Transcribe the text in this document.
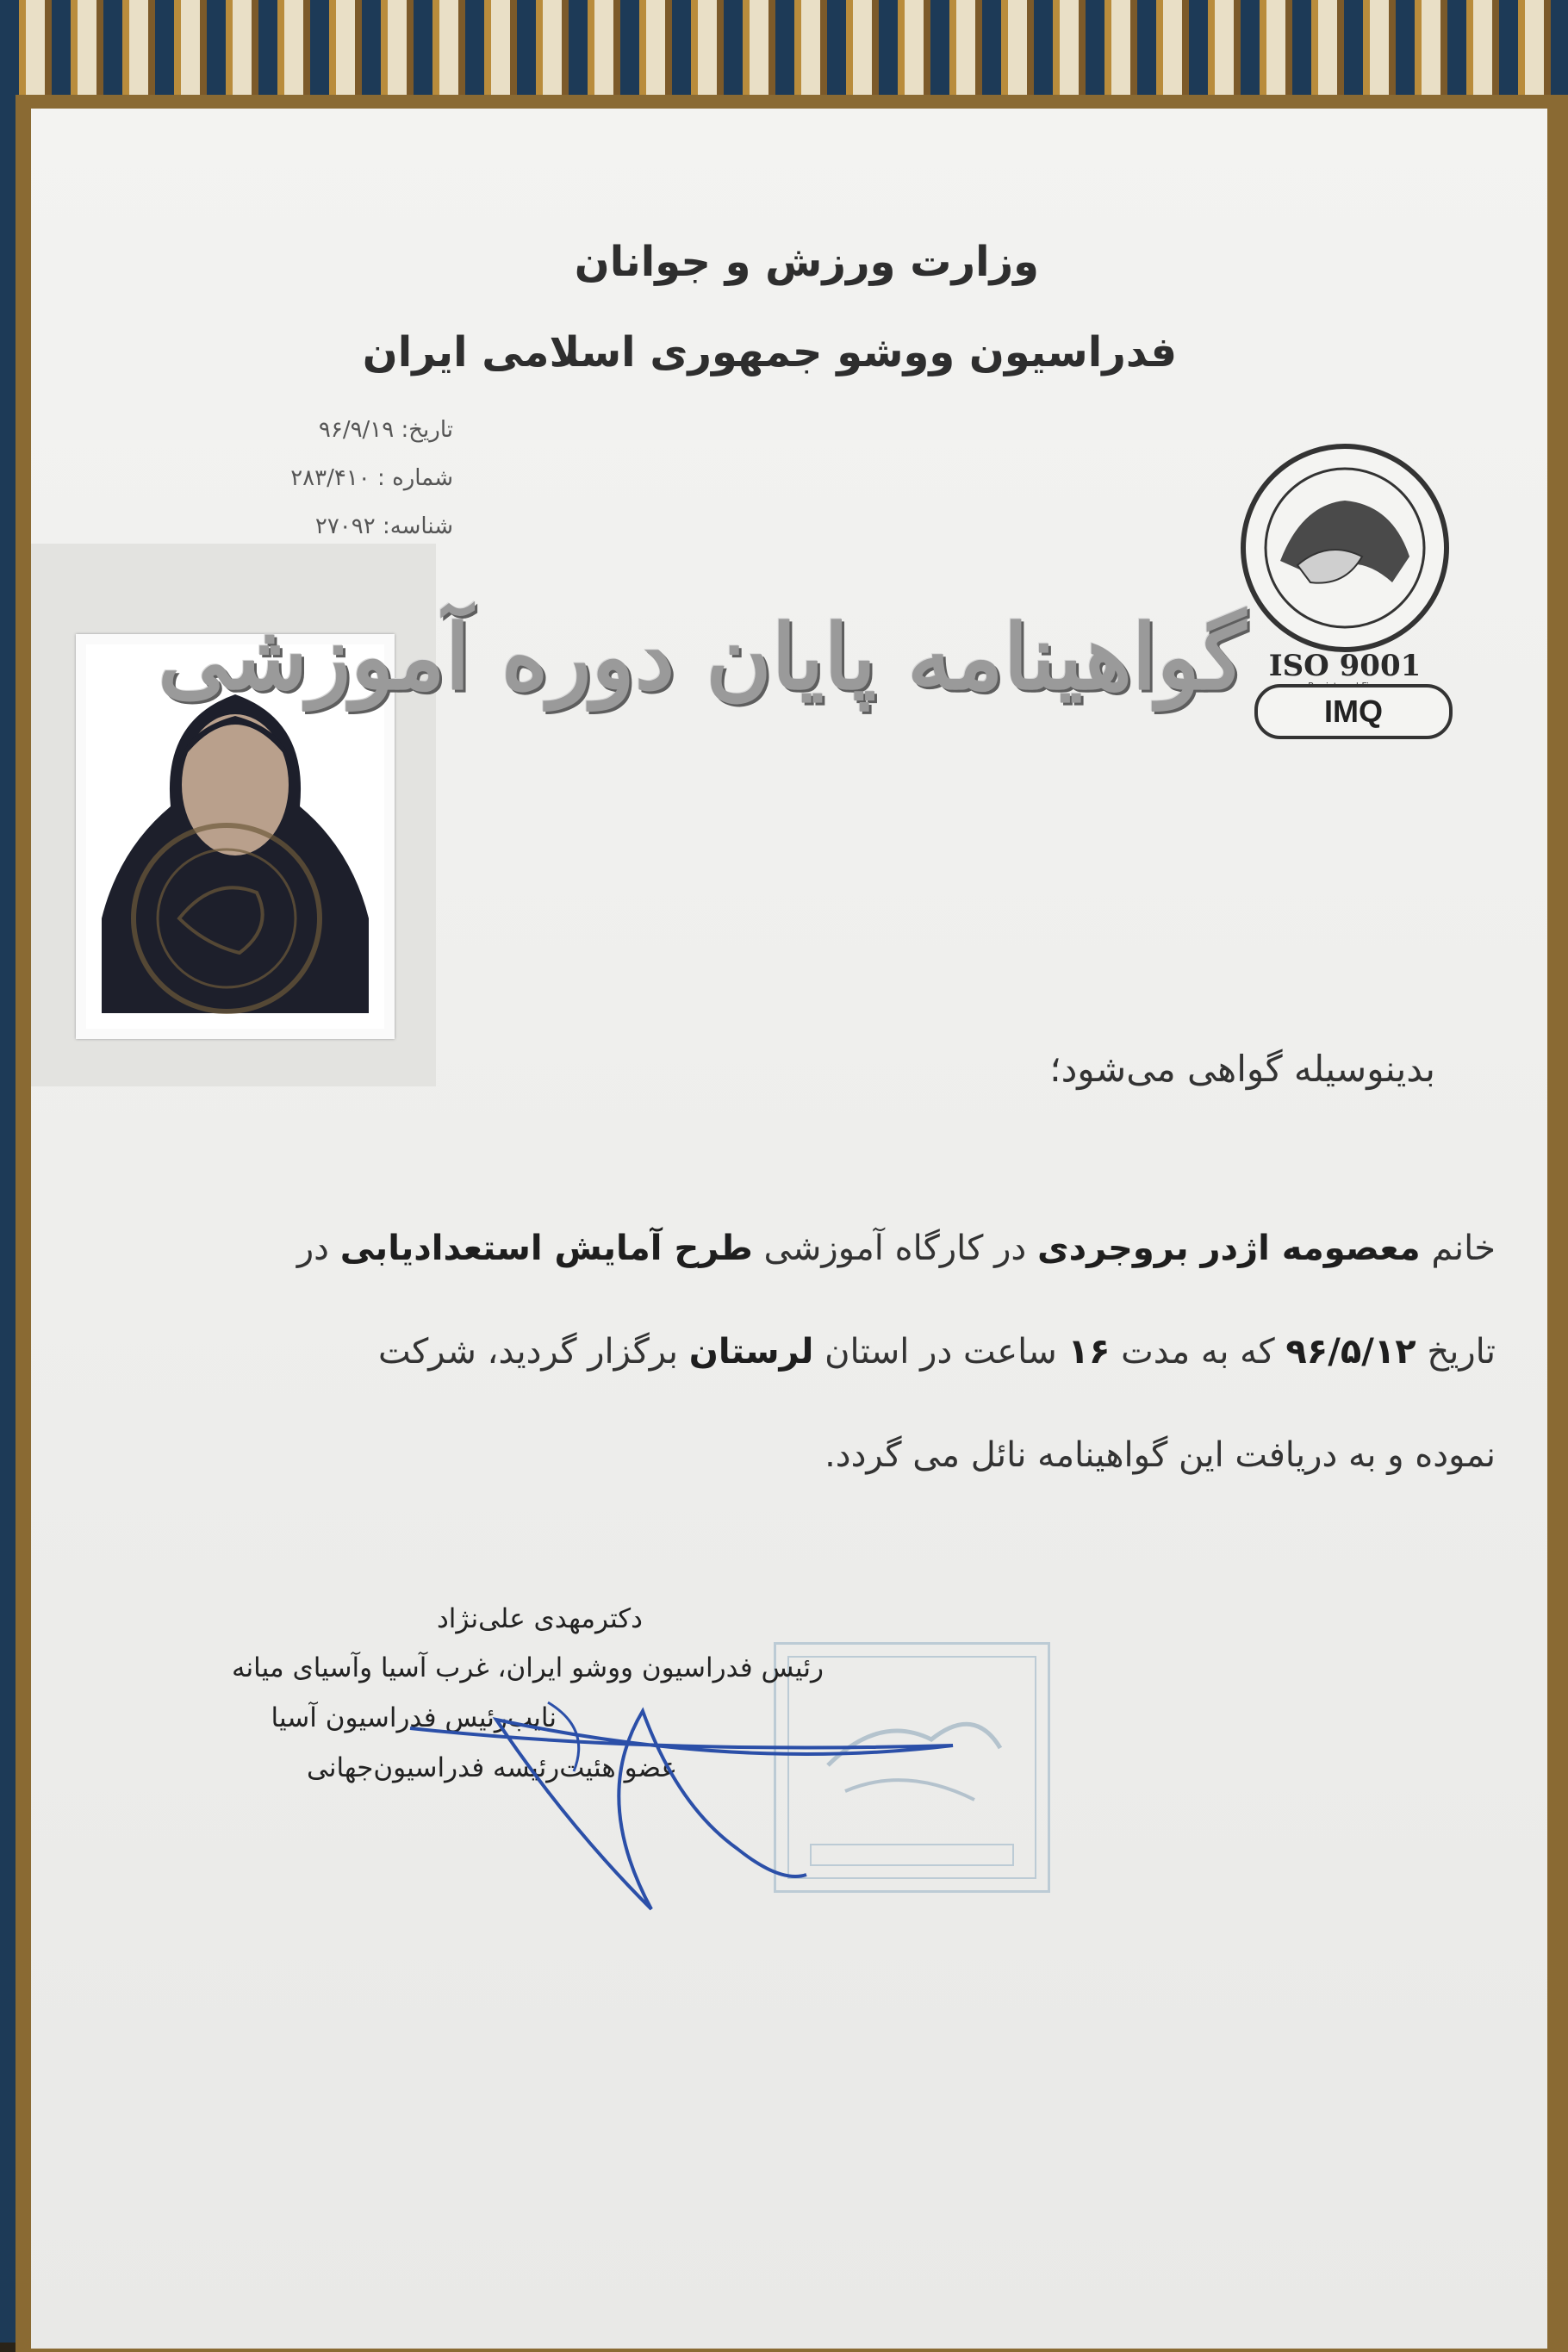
وزارت ورزش و جوانان
فدراسیون ووشو جمهوری اسلامی ایران
تاریخ: ۹۶/۹/۱۹
شماره : ۲۸۳/۴۱۰
شناسه: ۲۷۰۹۲
ISO 9001
IMQ
گواهینامه پایان دوره آموزشی
بدینوسیله گواهی می‌شود؛
خانم معصومه اژدر بروجردی در کارگاه آموزشی طرح آمایش استعدادیابی در
تاریخ ۹۶/۵/۱۲ که به مدت ۱۶ ساعت در استان لرستان برگزار گردید، شرکت
نموده و به دریافت این گواهینامه نائل می گردد.
دکترمهدی علی‌نژاد
رئیس فدراسیون ووشو ایران، غرب آسیا وآسیای میانه
نایب‌رئیس فدراسیون آسیا
عضو هئیت‌رئیسه فدراسیون‌جهانی
